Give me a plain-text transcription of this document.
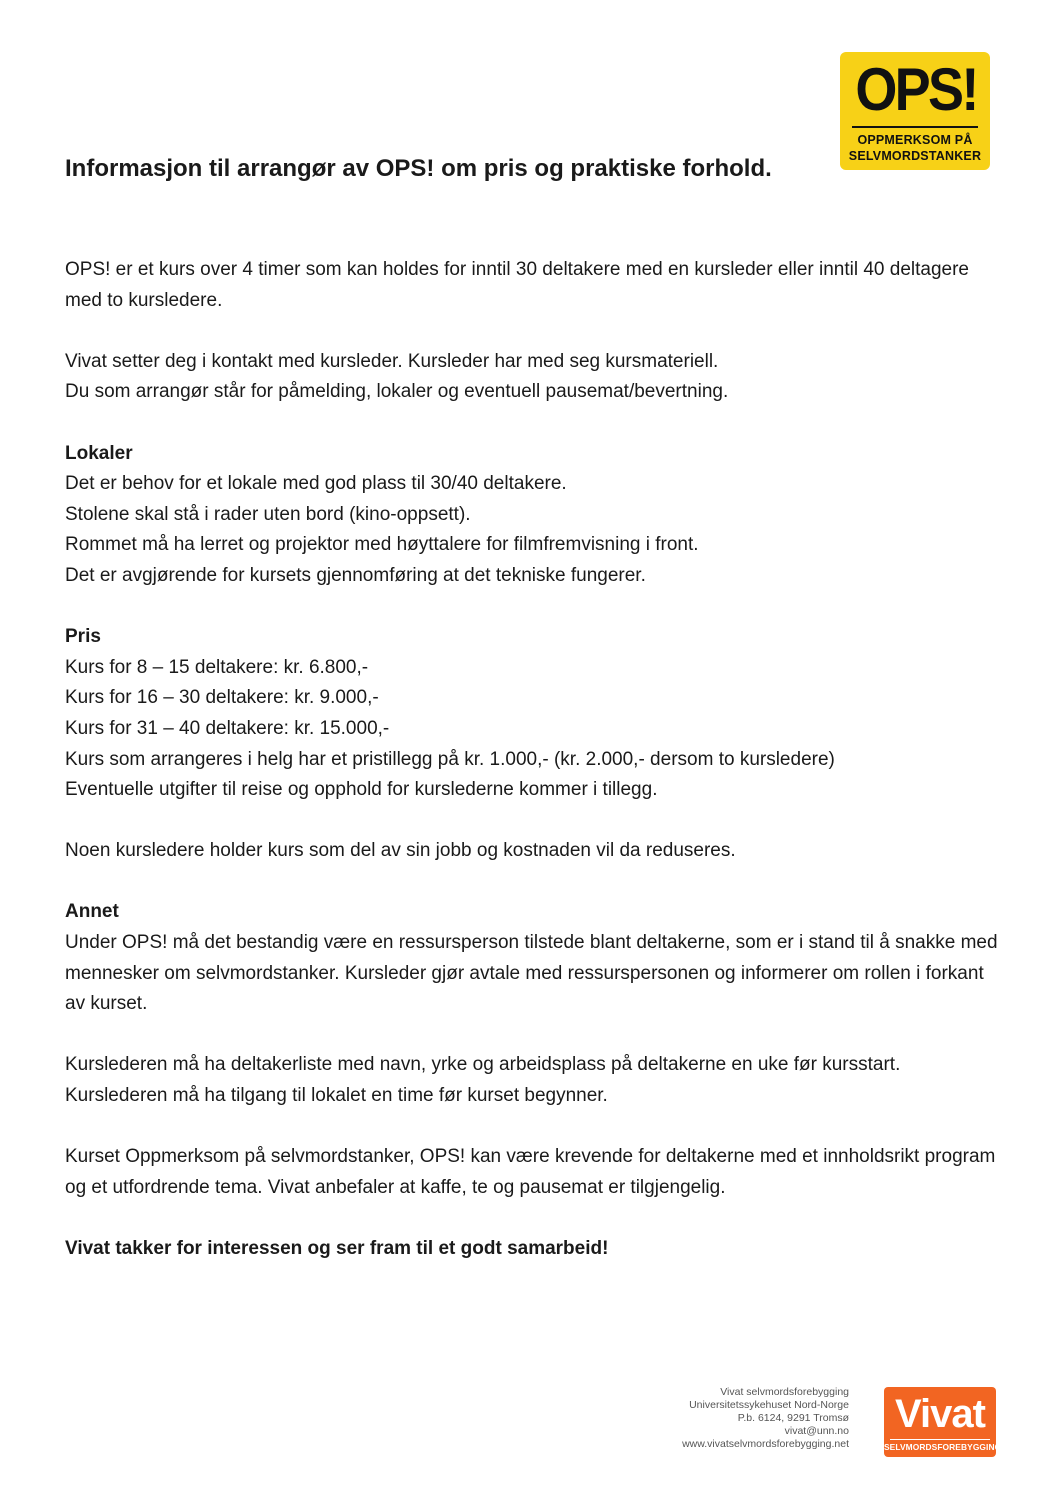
OPS!
OPPMERKSOM PÅ
SELVMORDSTANKER
Informasjon til arrangør av OPS! om pris og praktiske forhold.

OPS! er et kurs over 4 timer som kan holdes for inntil 30 deltakere med en kursleder eller inntil 40 deltagere med to kursledere.

Vivat setter deg i kontakt med kursleder. Kursleder har med seg kursmateriell.
Du som arrangør står for påmelding, lokaler og eventuell pausemat/bevertning.

Lokaler
Det er behov for et lokale med god plass til 30/40 deltakere.
Stolene skal stå i rader uten bord (kino-oppsett).
Rommet må ha lerret og projektor med høyttalere for filmfremvisning i front.
Det er avgjørende for kursets gjennomføring at det tekniske fungerer.

Pris
Kurs for 8 – 15 deltakere: kr. 6.800,-
Kurs for 16 – 30 deltakere: kr. 9.000,-
Kurs for 31 – 40 deltakere: kr. 15.000,-
Kurs som arrangeres i helg har et pristillegg på kr. 1.000,- (kr. 2.000,- dersom to kursledere)
Eventuelle utgifter til reise og opphold for kurslederne kommer i tillegg.

Noen kursledere holder kurs som del av sin jobb og kostnaden vil da reduseres.

Annet
Under OPS! må det bestandig være en ressursperson tilstede blant deltakerne, som er i stand til å snakke med mennesker om selvmordstanker. Kursleder gjør avtale med ressurspersonen og informerer om rollen i forkant av kurset.

Kurslederen må ha deltakerliste med navn, yrke og arbeidsplass på deltakerne en uke før kursstart. Kurslederen må ha tilgang til lokalet en time før kurset begynner.

Kurset Oppmerksom på selvmordstanker, OPS! kan være krevende for deltakerne med et innholdsrikt program og et utfordrende tema. Vivat anbefaler at kaffe, te og pausemat er tilgjengelig.

Vivat takker for interessen og ser fram til et godt samarbeid!

Vivat selvmordsforebygging
Universitetssykehuset Nord-Norge
P.b. 6124, 9291 Tromsø
vivat@unn.no
www.vivatselvmordsforebygging.net
Vivat
SELVMORDSFOREBYGGING
